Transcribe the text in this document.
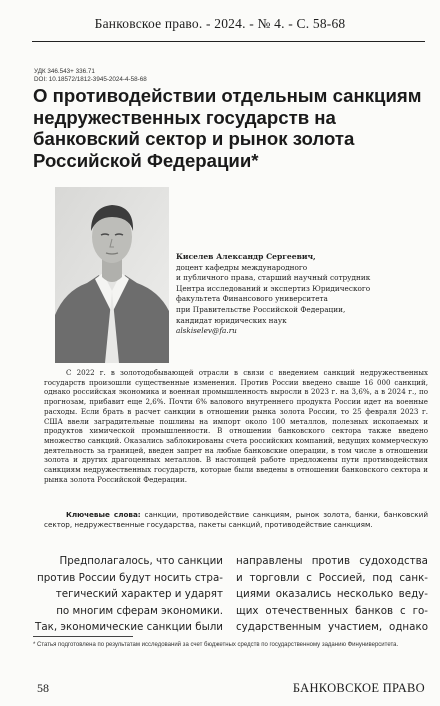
Банковское право. - 2024. - № 4. - С. 58-68
УДК 346.543+ 336.71
DOI: 10.18572/1812-3945-2024-4-58-68
О противодействии отдельным санкциям недружественных государств на банковский сектор и рынок золота Российской Федерации*
Киселев Александр Сергеевич,
доцент кафедры международного
и публичного права, старший научный сотрудник
Центра исследований и экспертиз Юридического
факультета Финансового университета
при Правительстве Российской Федерации,
кандидат юридических наук
alskiselev@fa.ru

С 2022 г. в золотодобывающей отрасли в связи с введением санкций недружественных государств произошли существенные изменения. Против России введено свыше 16 000 санкций, однако российская экономика и военная промышленность выросли в 2023 г. на 3,6%, а в 2024 г., по прогнозам, прибавит еще 2,6%. Почти 6% валового внутреннего продукта России идет на военные расходы. Если брать в расчет санкции в отношении рынка золота России, то 25 февраля 2023 г. США ввели заградительные пошлины на импорт около 100 металлов, полезных ископаемых и продуктов химической промышленности. В отношении банковского сектора также введено множество санкций. Оказались заблокированы счета российских компаний, ведущих коммерческую деятельность за границей, введен запрет на любые банковские операции, в том числе в отношении золота и других драгоценных металлов. В настоящей работе предложены пути противодействия санкциям недружественных государств, которые были введены в отношении банковского сектора и рынка золота Российской Федерации.

Ключевые слова: санкции, противодействие санкциям, рынок золота, банки, банковский сектор, недружественные государства, пакеты санкций, противодействие санкциям.

Предполагалось, что санкции
против России будут носить стра-
тегический характер и ударят
по многим сферам экономики.
Так, экономические санкции были
направлены против судоходства
и торговли с Россией, под санк-
циями оказались несколько веду-
щих отечественных банков с го-
сударственным участием, однако

* Статья подготовлена по результатам исследований за счет бюджетных средств по государственному заданию Финуниверситета.

58	БАНКОВСКОЕ ПРАВО
